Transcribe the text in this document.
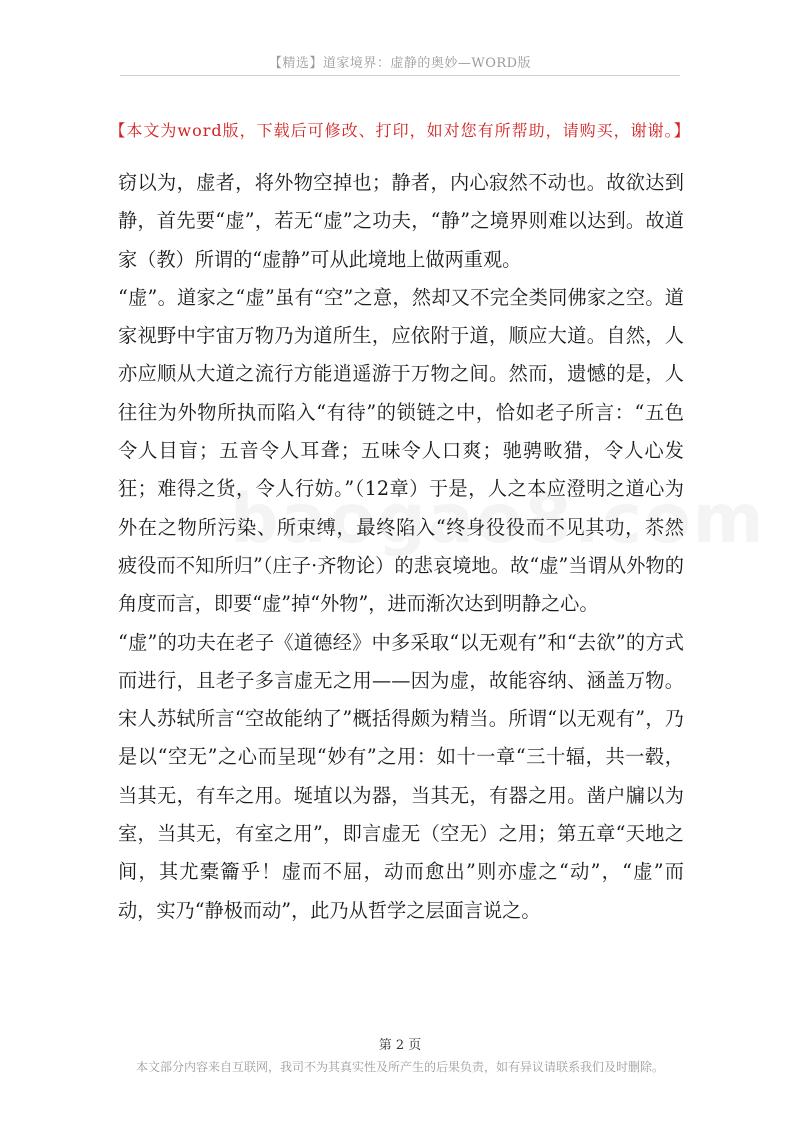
【精选】道家境界：虚静的奥妙—WORD版
【本文为word版，下载后可修改、打印，如对您有所帮助，请购买，谢谢。】

窃以为，虚者，将外物空掉也；静者，内心寂然不动也。故欲达到静，首先要“虚”，若无“虚”之功夫，“静”之境界则难以达到。故道家（教）所谓的“虚静”可从此境地上做两重观。

“虚”。道家之“虚”虽有“空”之意，然却又不完全类同佛家之空。道家视野中宇宙万物乃为道所生，应依附于道，顺应大道。自然，人亦应顺从大道之流行方能逍遥游于万物之间。然而，遗憾的是，人往往为外物所执而陷入“有待”的锁链之中，恰如老子所言：“五色令人目盲；五音令人耳聋；五味令人口爽；驰骋畋猎，令人心发狂；难得之货，令人行妨。”（12章）于是，人之本应澄明之道心为外在之物所污染、所束缚，最终陷入“终身役役而不见其功，苶然疲役而不知所归”（庄子·齐物论）的悲哀境地。故“虚”当谓从外物的角度而言，即要“虚”掉“外物”，进而渐次达到明静之心。

“虚”的功夫在老子《道德经》中多采取“以无观有”和“去欲”的方式而进行，且老子多言虚无之用——因为虚，故能容纳、涵盖万物。宋人苏轼所言“空故能纳了”概括得颇为精当。所谓“以无观有”，乃是以“空无”之心而呈现“妙有”之用：如十一章“三十辐，共一毂，当其无，有车之用。埏埴以为器，当其无，有器之用。凿户牖以为室，当其无，有室之用”，即言虚无（空无）之用；第五章“天地之间，其尤橐籥乎！虚而不屈，动而愈出”则亦虚之“动”，“虚”而动，实乃“静极而动”，此乃从哲学之层面言说之。

第 2 页
本文部分内容来自互联网，我司不为其真实性及所产生的后果负责，如有异议请联系我们及时删除。
